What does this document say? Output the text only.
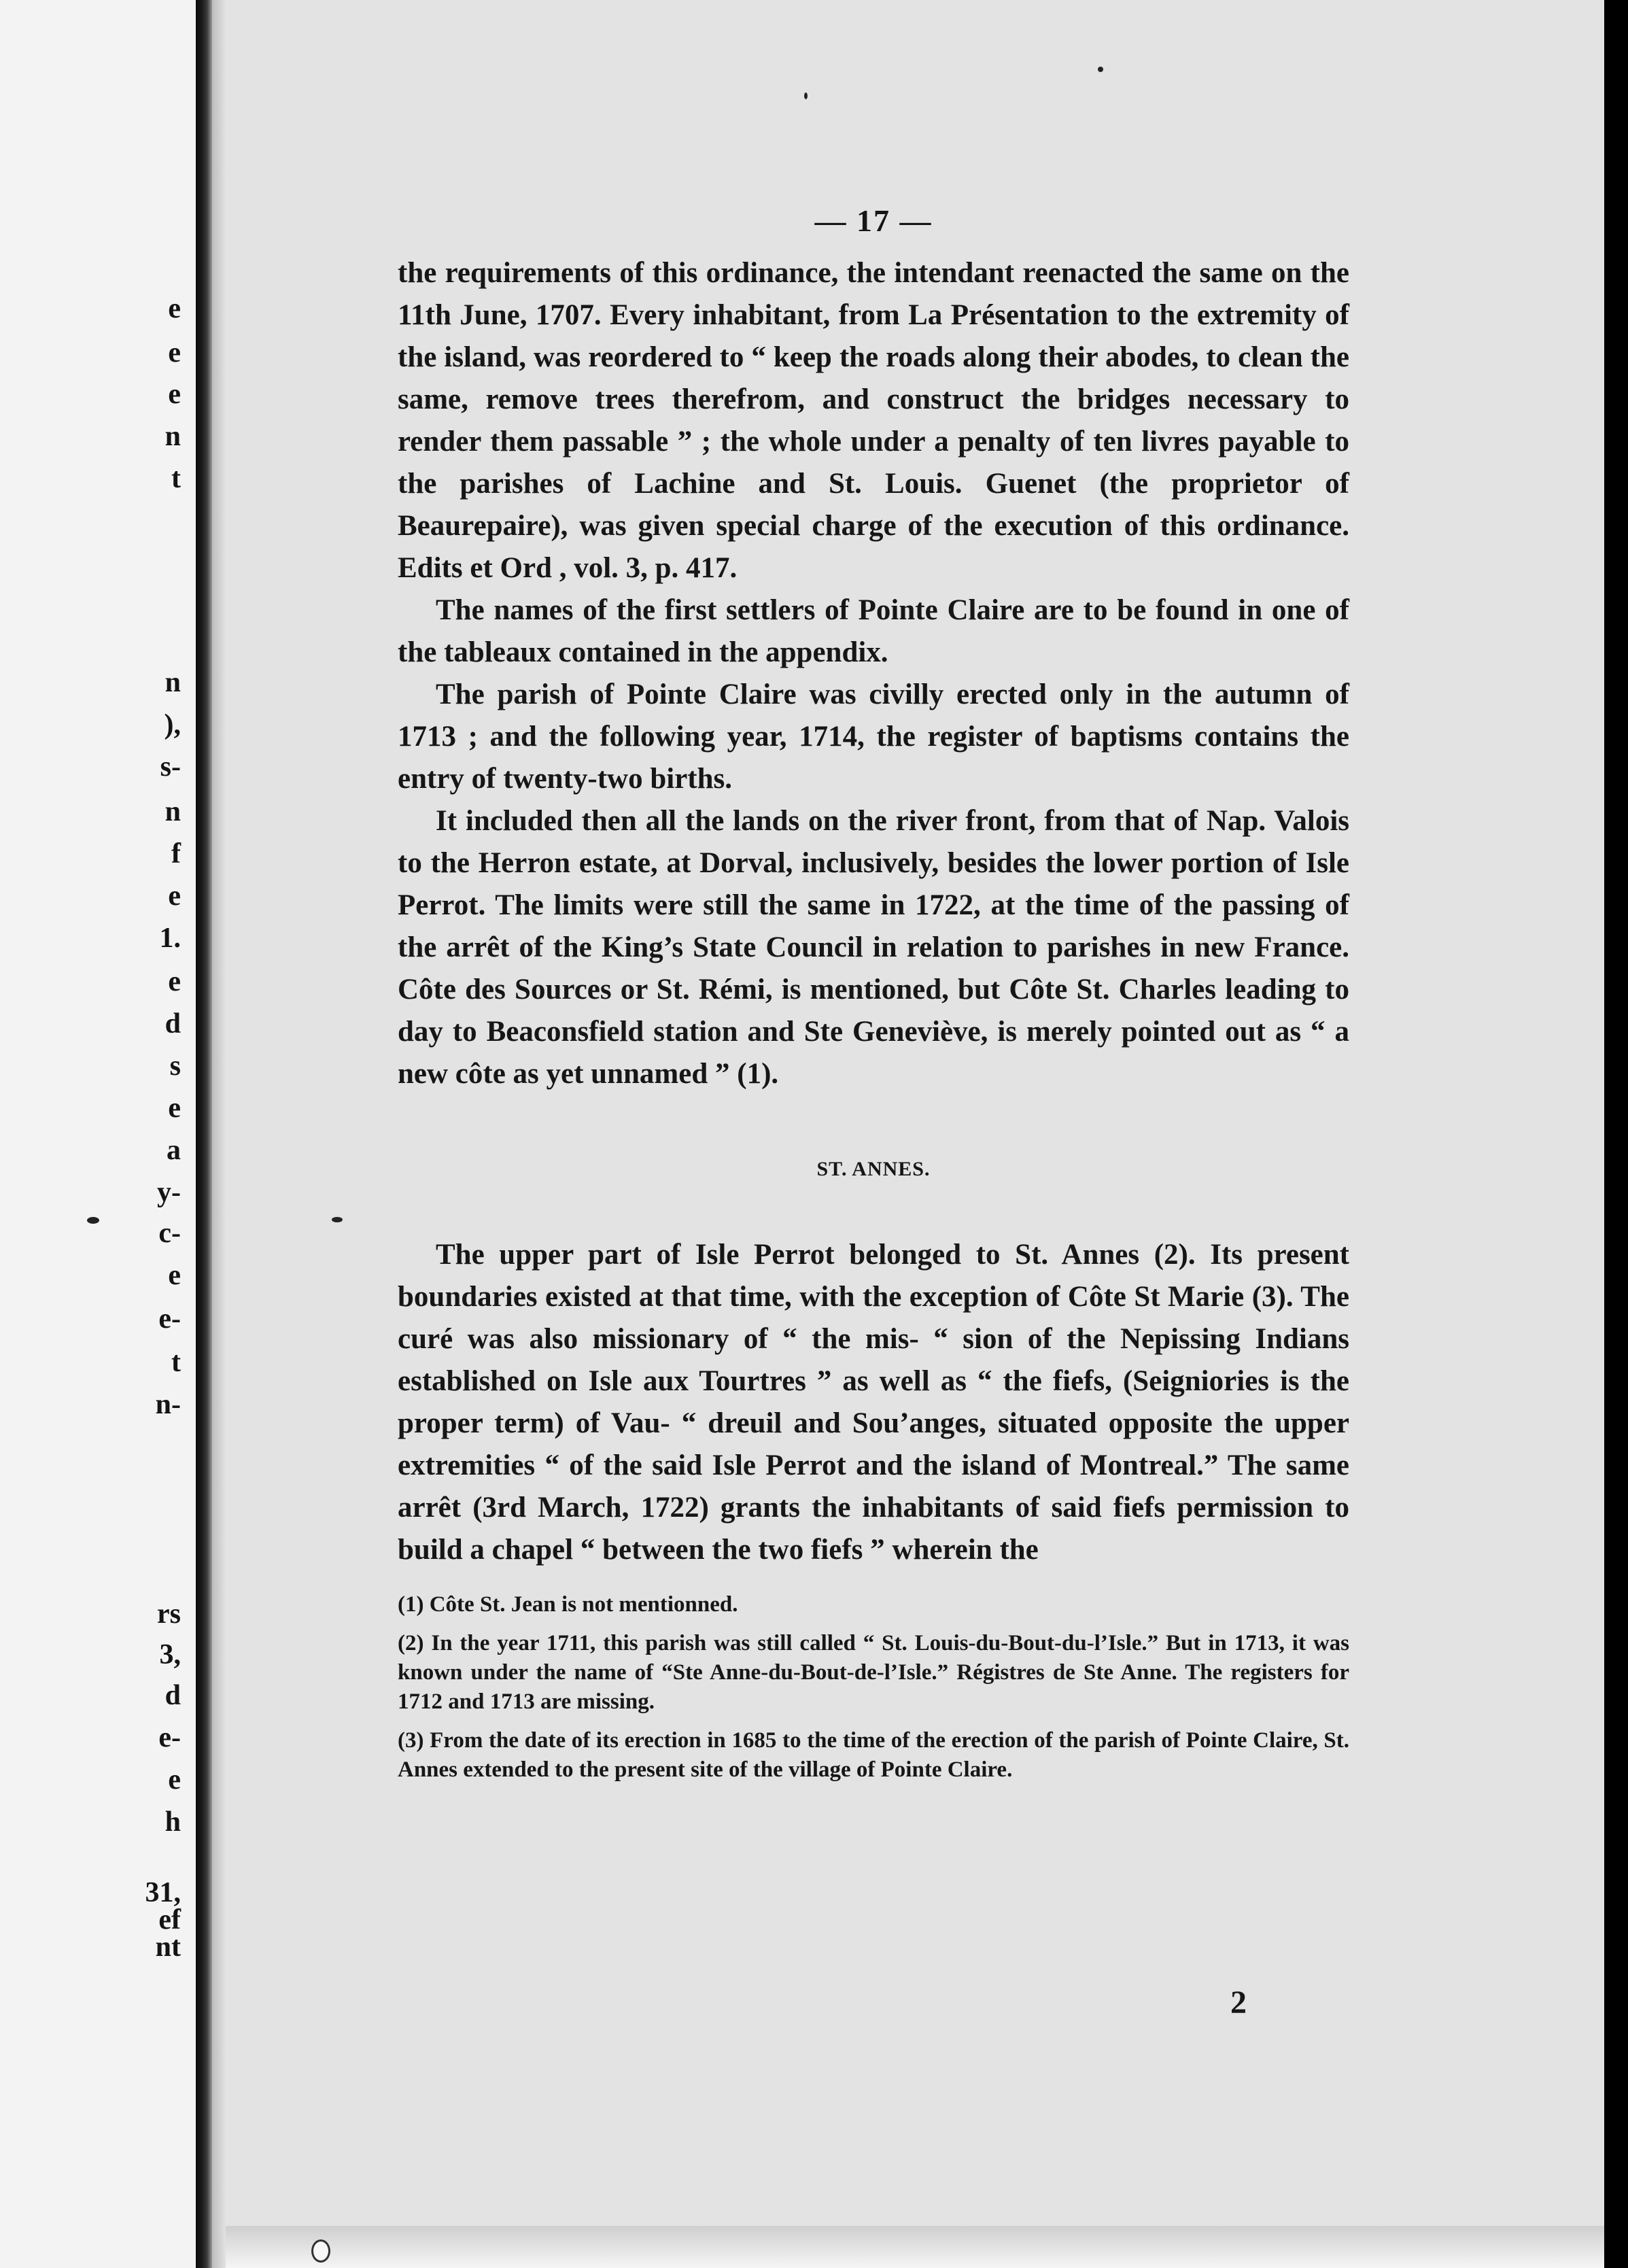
e
e
e
n
t
n
),
s-
n
f
e
1.
e
d
s
e
a
y-
c-
e
e-
t
n-
rs
3,
d
e-
e
h
31,
ef
nt
— 17 —

the requirements of this ordinance, the intendant reenacted the same on the 11th June, 1707. Every inhabitant, from La Présentation to the extremity of the island, was reordered to “ keep the roads along their abodes, to clean the same, remove trees therefrom, and construct the bridges necessary to render them passable ” ; the whole under a penalty of ten livres payable to the parishes of Lachine and St. Louis. Guenet (the proprietor of Beaurepaire), was given special charge of the execution of this ordinance. Edits et Ord , vol. 3, p. 417.

The names of the first settlers of Pointe Claire are to be found in one of the tableaux contained in the appendix.

The parish of Pointe Claire was civilly erected only in the autumn of 1713 ; and the following year, 1714, the register of baptisms contains the entry of twenty-two births.

It included then all the lands on the river front, from that of Nap. Valois to the Herron estate, at Dorval, inclusively, besides the lower portion of Isle Perrot. The limits were still the same in 1722, at the time of the passing of the arrêt of the King’s State Council in relation to parishes in new France. Côte des Sources or St. Rémi, is mentioned, but Côte St. Charles leading to day to Beaconsfield station and Ste Geneviève, is merely pointed out as “ a new côte as yet unnamed ” (1).

ST. ANNES.

The upper part of Isle Perrot belonged to St. Annes (2). Its present boundaries existed at that time, with the exception of Côte St Marie (3). The curé was also missionary of “ the mis- “ sion of the Nepissing Indians established on Isle aux Tourtres ” as well as “ the fiefs, (Seigniories is the proper term) of Vau- “ dreuil and Sou’anges, situated opposite the upper extremities “ of the said Isle Perrot and the island of Montreal.” The same arrêt (3rd March, 1722) grants the inhabitants of said fiefs permission to build a chapel “ between the two fiefs ” wherein the

(1) Côte St. Jean is not mentionned.

(2) In the year 1711, this parish was still called “ St. Louis-du-Bout-du-l’Isle.” But in 1713, it was known under the name of “Ste Anne-du-Bout-de-l’Isle.” Régistres de Ste Anne. The registers for 1712 and 1713 are missing.

(3) From the date of its erection in 1685 to the time of the erection of the parish of Pointe Claire, St. Annes extended to the present site of the village of Pointe Claire.

2
